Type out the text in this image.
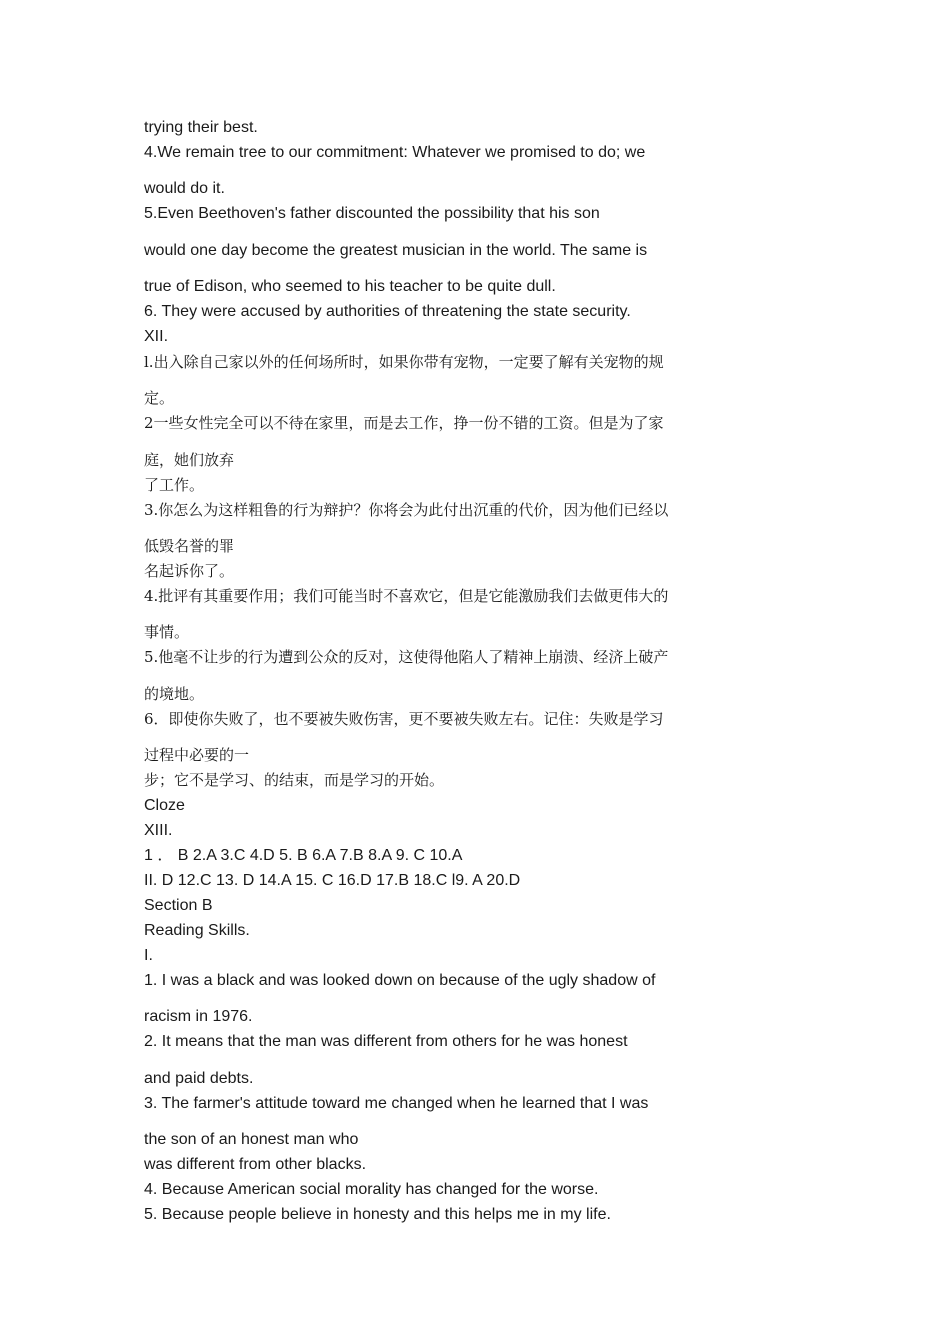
trying their best.
4.We remain tree to our commitment: Whatever we promised to do; we
would do it.
5.Even Beethoven's father discounted the possibility that his son
would one day become the greatest musician in the world. The same is
true of Edison, who seemed to his teacher to be quite dull.
6. They were accused by authorities of threatening the state security.
XII.
l.出入除自己家以外的任何场所时，如果你带有宠物，一定要了解有关宠物的规
定。
2一些女性完全可以不待在家里，而是去工作，挣一份不错的工资。但是为了家
庭，她们放弃
了工作。
3.你怎么为这样粗鲁的行为辩护？你将会为此付出沉重的代价，因为他们已经以
低毁名誉的罪
名起诉你了。
4.批评有其重要作用；我们可能当时不喜欢它，但是它能激励我们去做更伟大的
事情。
5.他毫不让步的行为遭到公众的反对，这使得他陷人了精神上崩溃、经济上破产
的境地。
6．即使你失败了，也不要被失败伤害，更不要被失败左右。记住：失败是学习
过程中必要的一
步；它不是学习、的结束，而是学习的开始。
Cloze
XIII.
1 ． B 2.A 3.C 4.D 5. B 6.A 7.B 8.A 9. C 10.A
II. D 12.C 13. D 14.A 15. C 16.D 17.B 18.C l9. A 20.D
Section B
Reading Skills.
I.
1. I was a black and was looked down on because of the ugly shadow of
racism in 1976.
2. It means that the man was different from others for he was honest
and paid debts.
3. The farmer's attitude toward me changed when he learned that I was
the son of an honest man who
was different from other blacks.
4. Because American social morality has changed for the worse.
5. Because people believe in honesty and this helps me in my life.
